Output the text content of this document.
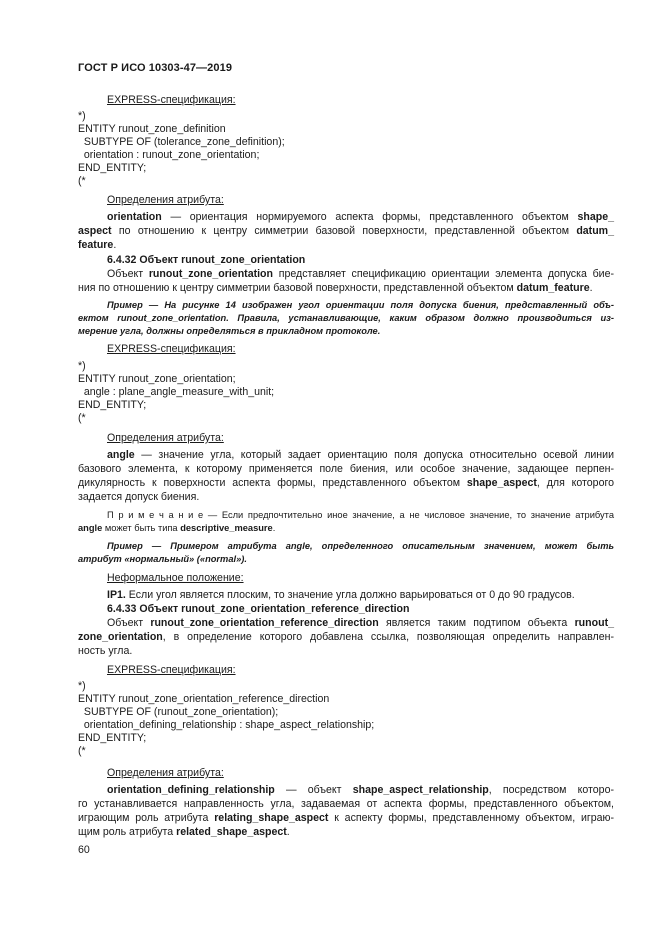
ГОСТ Р ИСО 10303-47—2019
EXPRESS-спецификация:
*)
ENTITY runout_zone_definition
SUBTYPE OF (tolerance_zone_definition);
orientation : runout_zone_orientation;
END_ENTITY;
(*
Определения атрибута:
orientation — ориентация нормируемого аспекта формы, представленного объектом shape_
aspect по отношению к центру симметрии базовой поверхности, представленной объектом datum_
feature.
6.4.32 Объект runout_zone_orientation
Объект runout_zone_orientation представляет спецификацию ориентации элемента допуска бие-
ния по отношению к центру симметрии базовой поверхности, представленной объектом datum_feature.
Пример — На рисунке 14 изображен угол ориентации поля допуска биения, представленный объ-
ектом runout_zone_orientation. Правила, устанавливающие, каким образом должно производиться из-
мерение угла, должны определяться в прикладном протоколе.
EXPRESS-спецификация:
*)
ENTITY runout_zone_orientation;
angle : plane_angle_measure_with_unit;
END_ENTITY;
(*
Определения атрибута:
angle — значение угла, который задает ориентацию поля допуска относительно осевой линии
базового элемента, к которому применяется поле биения, или особое значение, задающее перпен-
дикулярность к поверхности аспекта формы, представленного объектом shape_aspect, для которого
задается допуск биения.
П р и м е ч а н и е — Если предпочтительно иное значение, а не числовое значение, то значение атрибута
angle может быть типа descriptive_measure.
Пример — Примером атрибута angle, определенного описательным значением, может быть
атрибут «нормальный» («normal»).
Неформальное положение:
IP1. Если угол является плоским, то значение угла должно варьироваться от 0 до 90 градусов.
6.4.33 Объект runout_zone_orientation_reference_direction
Объект runout_zone_orientation_reference_direction является таким подтипом объекта runout_
zone_orientation, в определение которого добавлена ссылка, позволяющая определить направлен-
ность угла.
EXPRESS-спецификация:
*)
ENTITY runout_zone_orientation_reference_direction
SUBTYPE OF (runout_zone_orientation);
orientation_defining_relationship : shape_aspect_relationship;
END_ENTITY;
(*
Определения атрибута:
orientation_defining_relationship — объект shape_aspect_relationship, посредством которо-
го устанавливается направленность угла, задаваемая от аспекта формы, представленного объектом,
играющим роль атрибута relating_shape_aspect к аспекту формы, представленному объектом, играю-
щим роль атрибута related_shape_aspect.
60
